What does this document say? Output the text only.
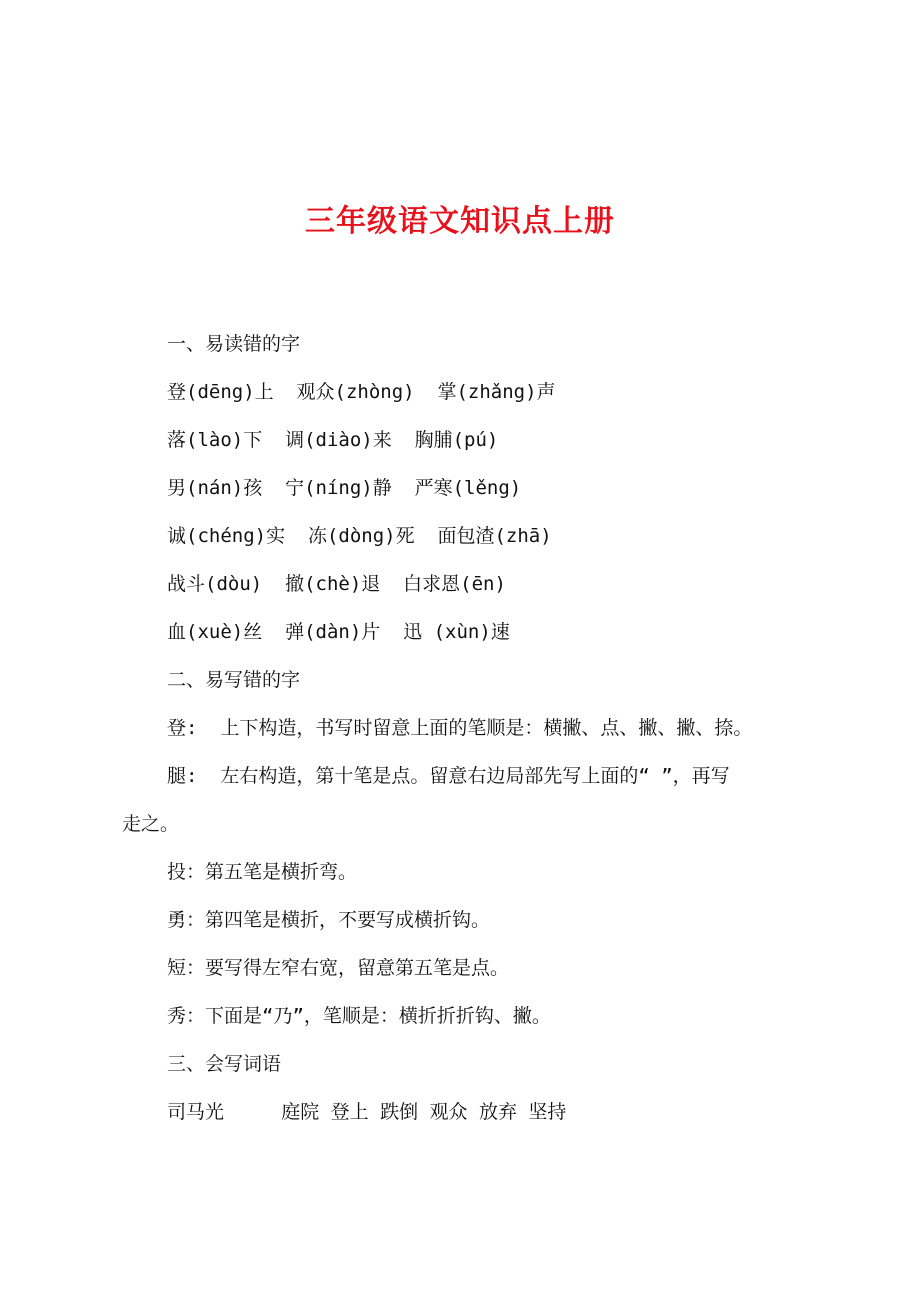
三年级语文知识点上册
一、易读错的字
登(dēng)上  观众(zhòng)  掌(zhǎng)声
落(lào)下  调(diào)来  胸脯(pú)
男(nán)孩  宁(níng)静  严寒(lěng)
诚(chéng)实  冻(dòng)死  面包渣(zhā)
战斗(dòu)  撤(chè)退  白求恩(ēn)
血(xuè)丝  弹(dàn)片  迅 (xùn)速
二、易写错的字
登:  上下构造，书写时留意上面的笔顺是：横撇、点、撇、撇、捺。
腿:  左右构造，第十笔是点。留意右边局部先写上面的“ ”，再写
走之。
投：第五笔是横折弯。
勇：第四笔是横折，不要写成横折钩。
短：要写得左窄右宽，留意第五笔是点。
秀：下面是“乃”，笔顺是：横折折折钩、撇。
三、会写词语
司马光     庭院 登上 跌倒 观众 放弃 坚持
